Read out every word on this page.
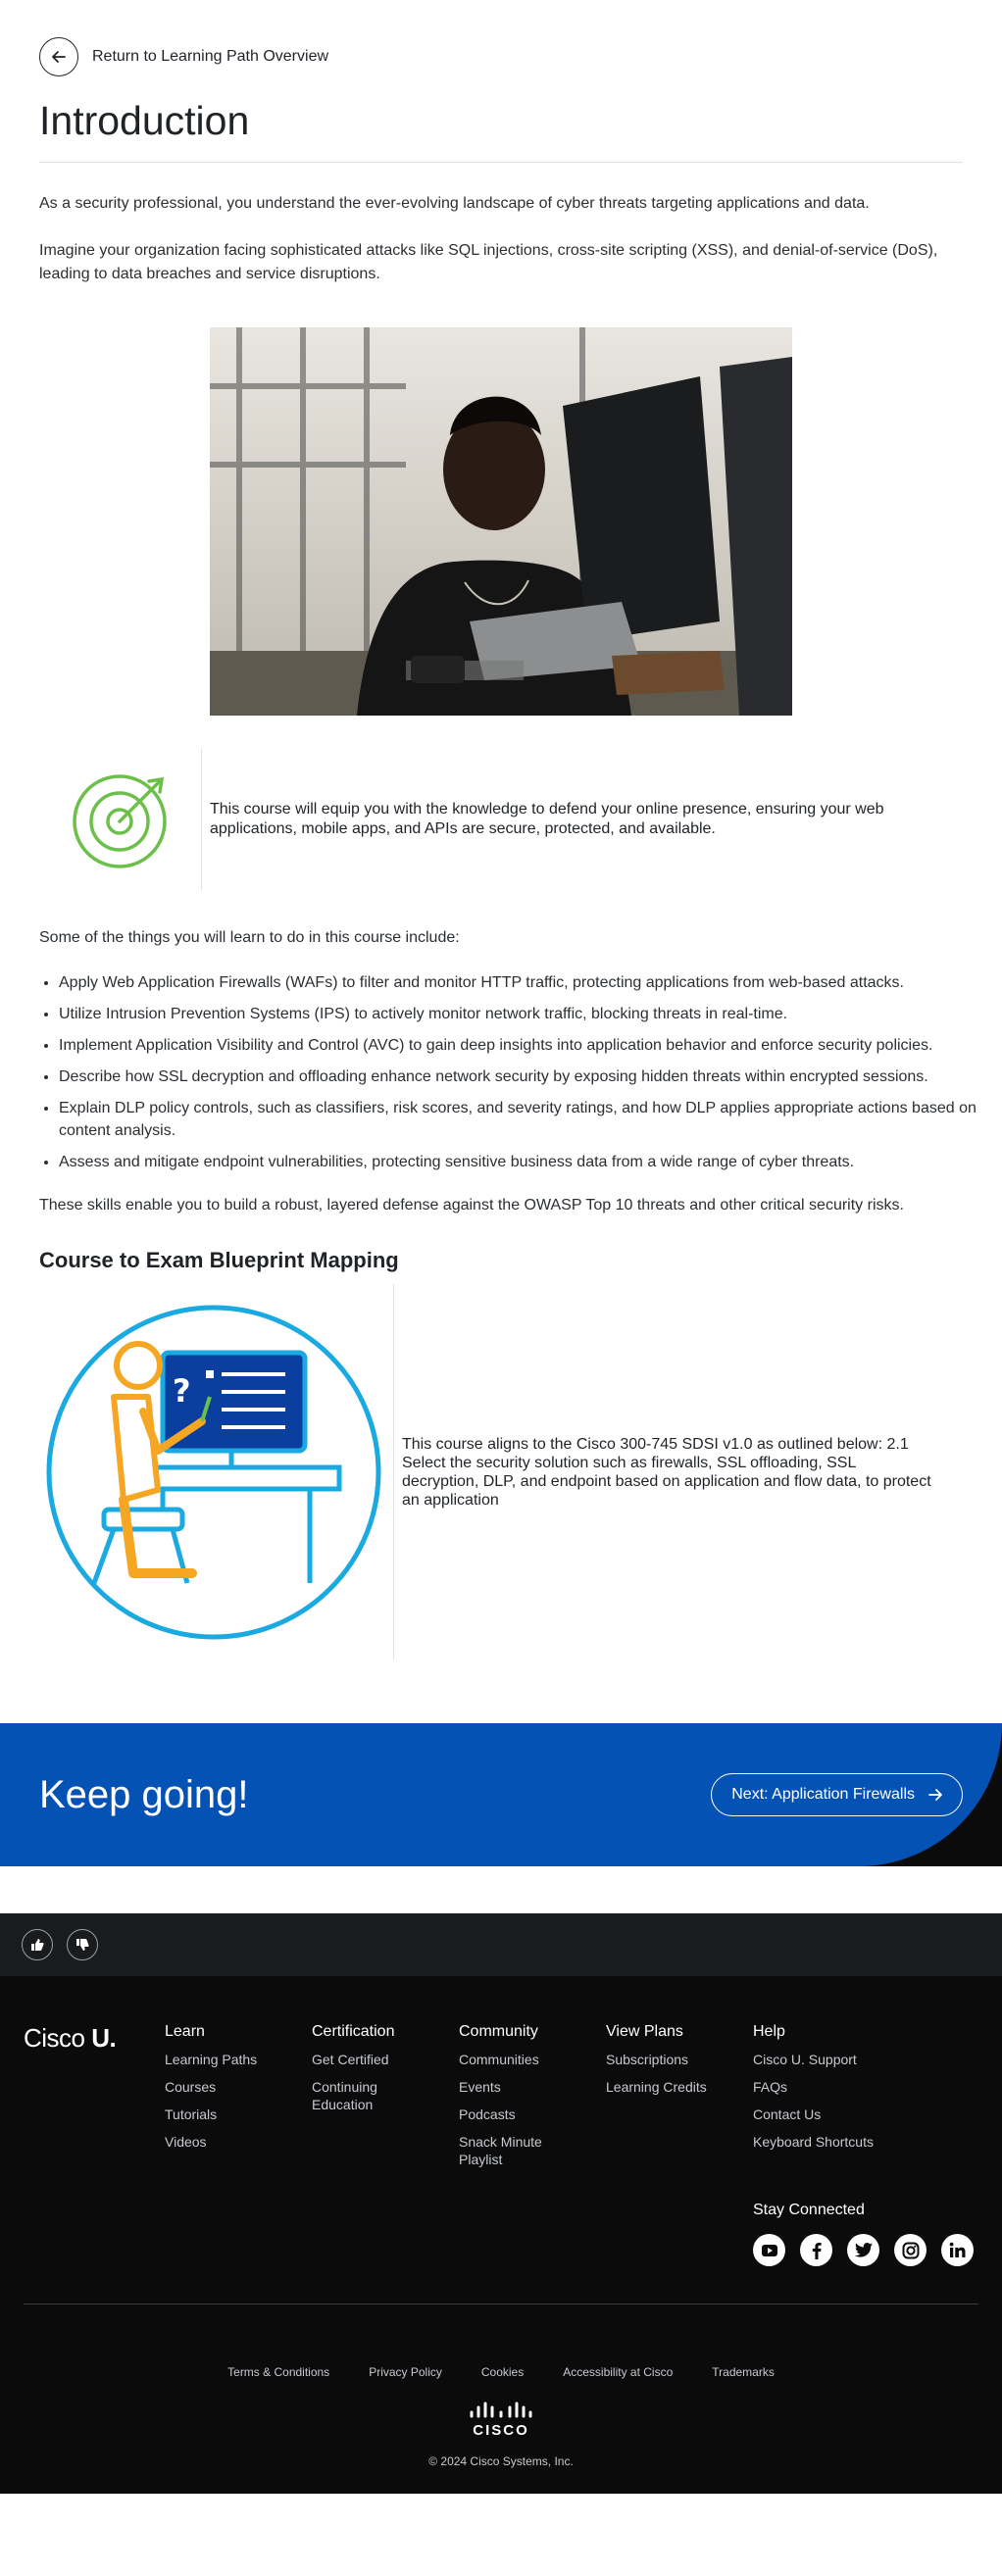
Return to Learning Path Overview
Introduction

As a security professional, you understand the ever-evolving landscape of cyber threats targeting applications and data.

Imagine your organization facing sophisticated attacks like SQL injections, cross-site scripting (XSS), and denial-of-service (DoS), leading to data breaches and service disruptions.

This course will equip you with the knowledge to defend your online presence, ensuring your web applications, mobile apps, and APIs are secure, protected, and available.

Some of the things you will learn to do in this course include:

• Apply Web Application Firewalls (WAFs) to filter and monitor HTTP traffic, protecting applications from web-based attacks.
• Utilize Intrusion Prevention Systems (IPS) to actively monitor network traffic, blocking threats in real-time.
• Implement Application Visibility and Control (AVC) to gain deep insights into application behavior and enforce security policies.
• Describe how SSL decryption and offloading enhance network security by exposing hidden threats within encrypted sessions.
• Explain DLP policy controls, such as classifiers, risk scores, and severity ratings, and how DLP applies appropriate actions based on content analysis.
• Assess and mitigate endpoint vulnerabilities, protecting sensitive business data from a wide range of cyber threats.

These skills enable you to build a robust, layered defense against the OWASP Top 10 threats and other critical security risks.

Course to Exam Blueprint Mapping
?
This course aligns to the Cisco 300-745 SDSI v1.0 as outlined below: 2.1 Select the security solution such as firewalls, SSL offloading, SSL decryption, DLP, and endpoint based on application and flow data, to protect an application
Keep going!	Next: Application Firewalls
Cisco U.	Learn
Learning Paths
Courses
Tutorials
Videos
Certification
Get Certified
Continuing Education
Community
Communities
Events
Podcasts
Snack Minute Playlist
View Plans
Subscriptions
Learning Credits
Help
Cisco U. Support
FAQs
Contact Us
Keyboard Shortcuts
Stay Connected
Terms & Conditions	Privacy Policy	Cookies	Accessibility at Cisco	Trademarks
CISCO
© 2024 Cisco Systems, Inc.
